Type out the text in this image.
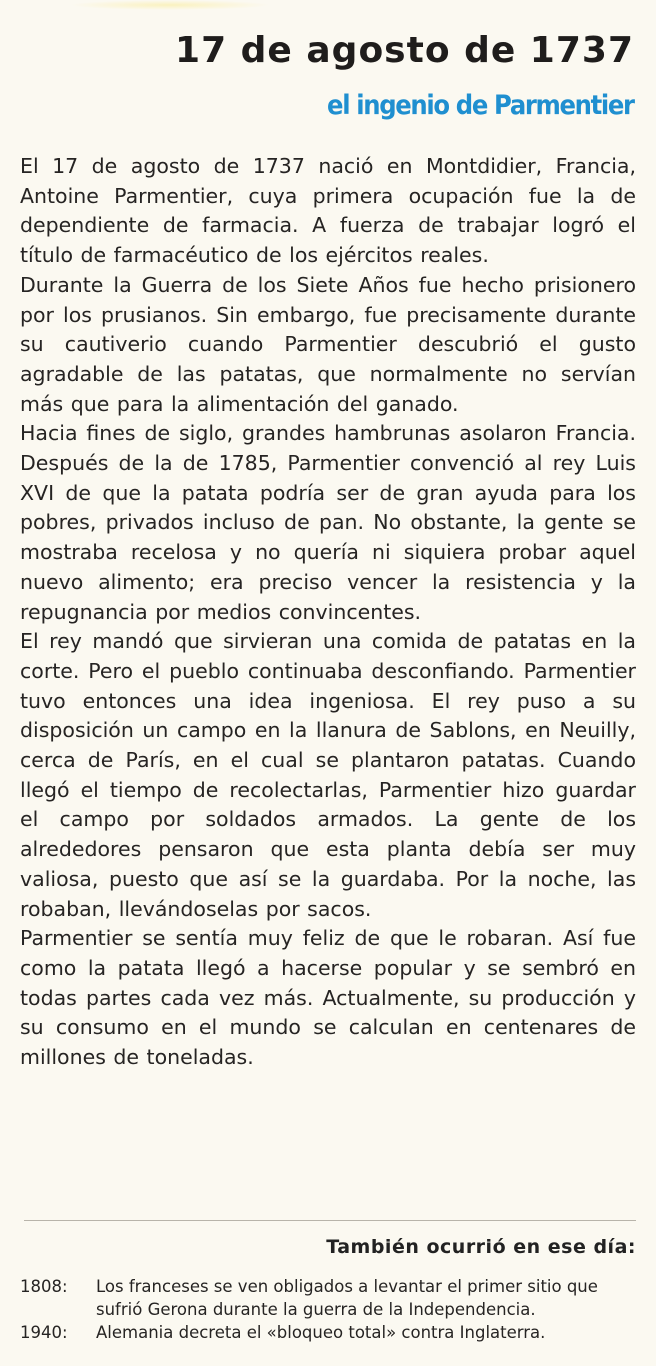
17 de agosto de 1737
el ingenio de Parmentier

El 17 de agosto de 1737 nació en Montdidier, Francia, Antoine Parmentier, cuya primera ocupación fue la de dependiente de farmacia. A fuerza de trabajar logró el título de farmacéutico de los ejércitos reales.

Durante la Guerra de los Siete Años fue hecho prisionero por los prusianos. Sin embargo, fue precisamente durante su cautiverio cuando Parmentier descubrió el gusto agradable de las patatas, que normalmente no servían más que para la alimentación del ganado.

Hacia fines de siglo, grandes hambrunas asolaron Francia. Después de la de 1785, Parmentier convenció al rey Luis XVI de que la patata podría ser de gran ayuda para los pobres, privados incluso de pan. No obstante, la gente se mostraba recelosa y no quería ni siquiera probar aquel nuevo alimento; era preciso vencer la resistencia y la repugnancia por medios convincentes.

El rey mandó que sirvieran una comida de patatas en la corte. Pero el pueblo continuaba desconfiando. Parmentier tuvo entonces una idea ingeniosa. El rey puso a su disposición un campo en la llanura de Sablons, en Neuilly, cerca de París, en el cual se plantaron patatas. Cuando llegó el tiempo de recolectarlas, Parmentier hizo guardar el campo por soldados armados. La gente de los alrededores pensaron que esta planta debía ser muy valiosa, puesto que así se la guardaba. Por la noche, las robaban, llevándoselas por sacos.

Parmentier se sentía muy feliz de que le robaran. Así fue como la patata llegó a hacerse popular y se sembró en todas partes cada vez más. Actualmente, su producción y su consumo en el mundo se calculan en centenares de millones de toneladas.

También ocurrió en ese día:
1808:	Los franceses se ven obligados a levantar el primer sitio que sufrió Gerona durante la guerra de la Independencia.
1940:	Alemania decreta el «bloqueo total» contra Inglaterra.
